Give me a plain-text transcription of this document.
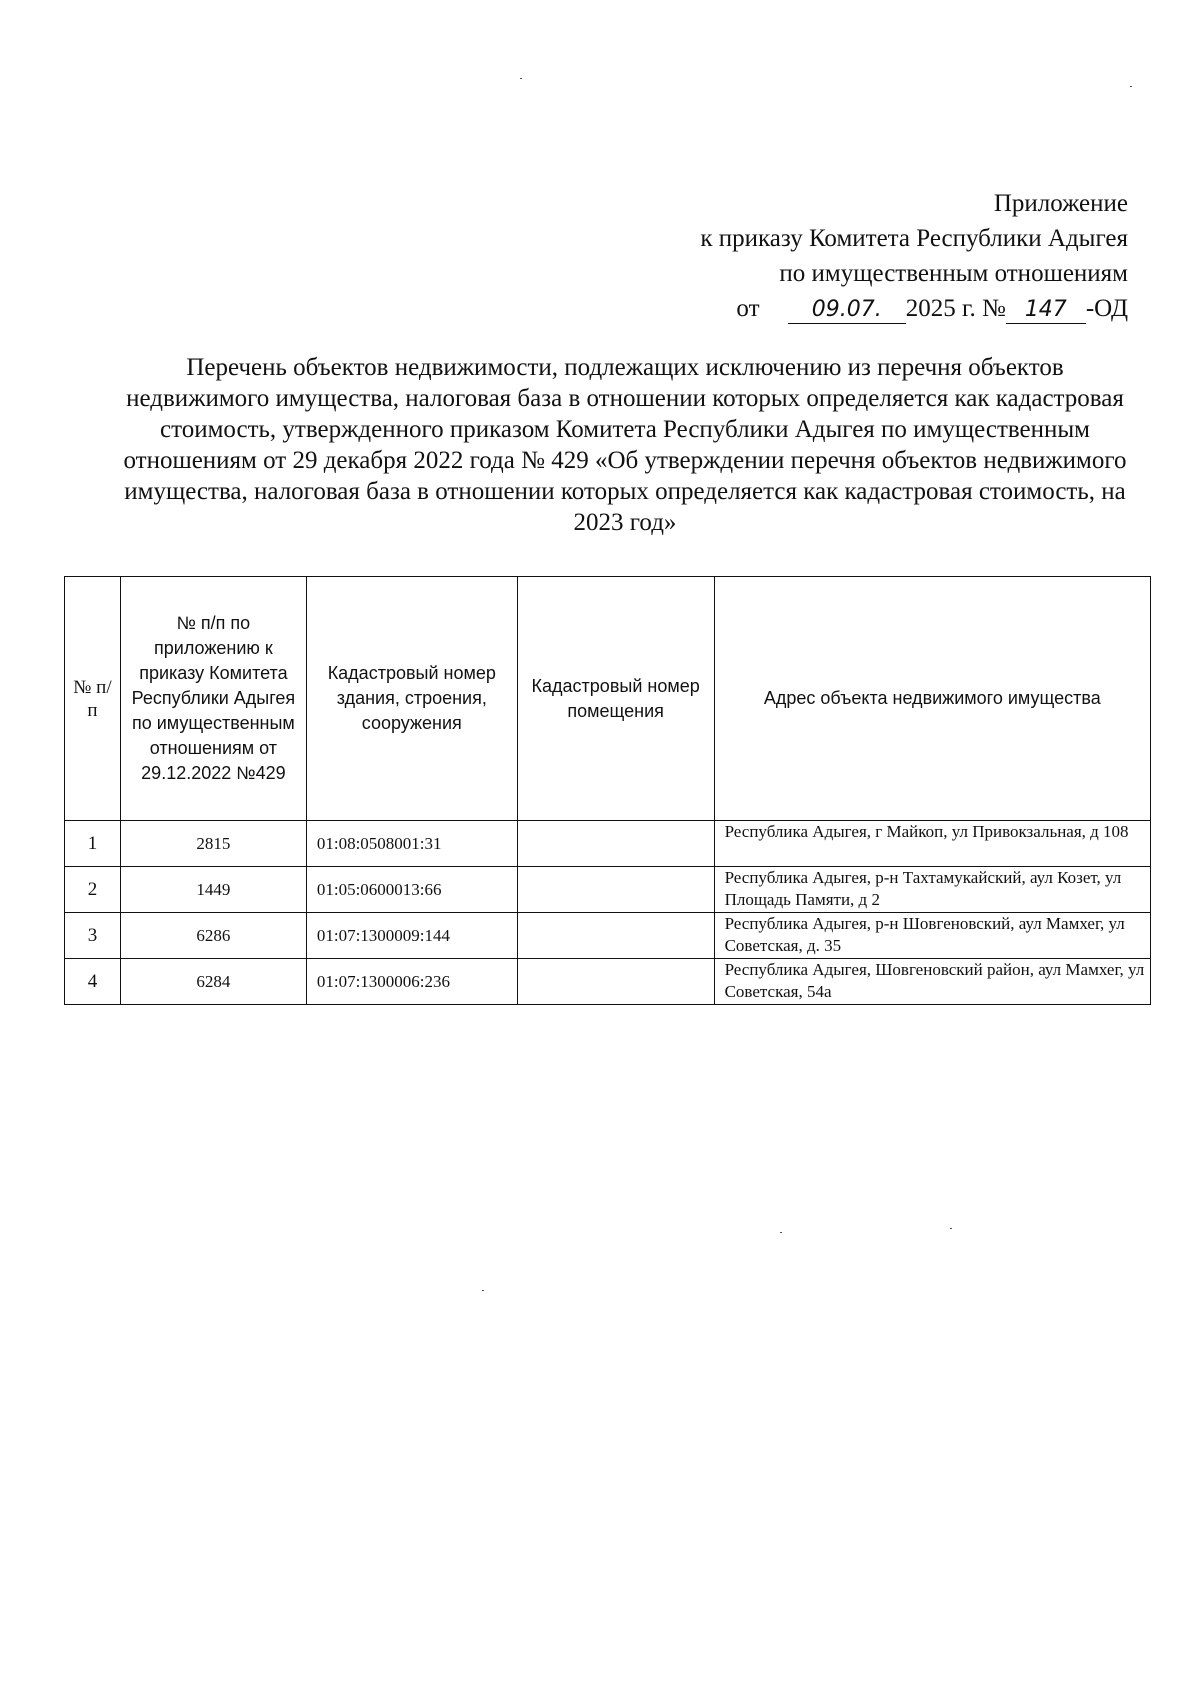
Приложение
к приказу Комитета Республики Адыгея
по имущественным отношениям
от 09.07. 2025 г. № 147 -ОД
Перечень объектов недвижимости, подлежащих исключению из перечня объектов недвижимого имущества, налоговая база в отношении которых определяется как кадастровая стоимость, утвержденного приказом Комитета Республики Адыгея по имущественным отношениям от 29 декабря 2022 года № 429 «Об утверждении перечня объектов недвижимого имущества, налоговая база в отношении которых определяется как кадастровая стоимость, на 2023 год»
№ п/п	№ п/п по приложению к приказу Комитета Республики Адыгея по имущественным отношениям от 29.12.2022 №429	Кадастровый номер здания, строения, сооружения	Кадастровый номер помещения	Адрес объекта недвижимого имущества
1	2815	01:08:0508001:31		Республика Адыгея, г Майкоп, ул Привокзальная, д 108
2	1449	01:05:0600013:66		Республика Адыгея, р-н Тахтамукайский, аул Козет, ул Площадь Памяти, д 2
3	6286	01:07:1300009:144		Республика Адыгея, р-н Шовгеновский, аул Мамхег, ул Советская, д. 35
4	6284	01:07:1300006:236		Республика Адыгея, Шовгеновский район, аул Мамхег, ул Советская, 54а
